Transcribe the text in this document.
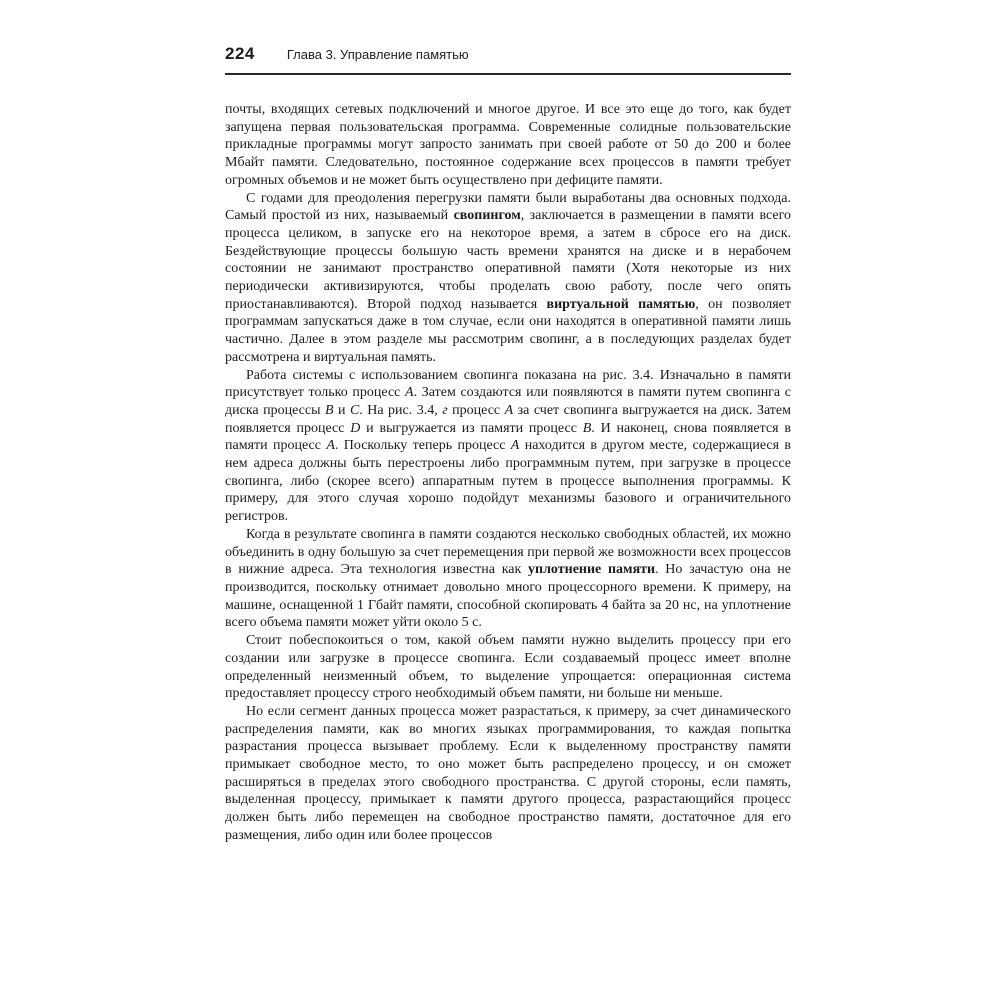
224 Глава 3. Управление памятью

почты, входящих сетевых подключений и многое другое. И все это еще до того, как будет запущена первая пользовательская программа. Современные солидные пользовательские прикладные программы могут запросто занимать при своей работе от 50 до 200 и более Мбайт памяти. Следовательно, постоянное содержание всех процессов в памяти требует огромных объемов и не может быть осуществлено при дефиците памяти.

С годами для преодоления перегрузки памяти были выработаны два основных подхода. Самый простой из них, называемый свопингом, заключается в размещении в памяти всего процесса целиком, в запуске его на некоторое время, а затем в сбросе его на диск. Бездействующие процессы большую часть времени хранятся на диске и в нерабочем состоянии не занимают пространство оперативной памяти (Хотя некоторые из них периодически активизируются, чтобы проделать свою работу, после чего опять приостанавливаются). Второй подход называется виртуальной памятью, он позволяет программам запускаться даже в том случае, если они находятся в оперативной памяти лишь частично. Далее в этом разделе мы рассмотрим свопинг, а в последующих разделах будет рассмотрена и виртуальная память.

Работа системы с использованием свопинга показана на рис. 3.4. Изначально в памяти присутствует только процесс A. Затем создаются или появляются в памяти путем свопинга с диска процессы B и C. На рис. 3.4, г процесс A за счет свопинга выгружается на диск. Затем появляется процесс D и выгружается из памяти процесс B. И наконец, снова появляется в памяти процесс A. Поскольку теперь процесс A находится в другом месте, содержащиеся в нем адреса должны быть перестроены либо программным путем, при загрузке в процессе свопинга, либо (скорее всего) аппаратным путем в процессе выполнения программы. К примеру, для этого случая хорошо подойдут механизмы базового и ограничительного регистров.

Когда в результате свопинга в памяти создаются несколько свободных областей, их можно объединить в одну большую за счет перемещения при первой же возможности всех процессов в нижние адреса. Эта технология известна как уплотнение памяти. Но зачастую она не производится, поскольку отнимает довольно много процессорного времени. К примеру, на машине, оснащенной 1 Гбайт памяти, способной скопировать 4 байта за 20 нс, на уплотнение всего объема памяти может уйти около 5 с.

Стоит побеспокоиться о том, какой объем памяти нужно выделить процессу при его создании или загрузке в процессе свопинга. Если создаваемый процесс имеет вполне определенный неизменный объем, то выделение упрощается: операционная система предоставляет процессу строго необходимый объем памяти, ни больше ни меньше.

Но если сегмент данных процесса может разрастаться, к примеру, за счет динамического распределения памяти, как во многих языках программирования, то каждая попытка разрастания процесса вызывает проблему. Если к выделенному пространству памяти примыкает свободное место, то оно может быть распределено процессу, и он сможет расширяться в пределах этого свободного пространства. С другой стороны, если память, выделенная процессу, примыкает к памяти другого процесса, разрастающийся процесс должен быть либо перемещен на свободное пространство памяти, достаточное для его размещения, либо один или более процессов
